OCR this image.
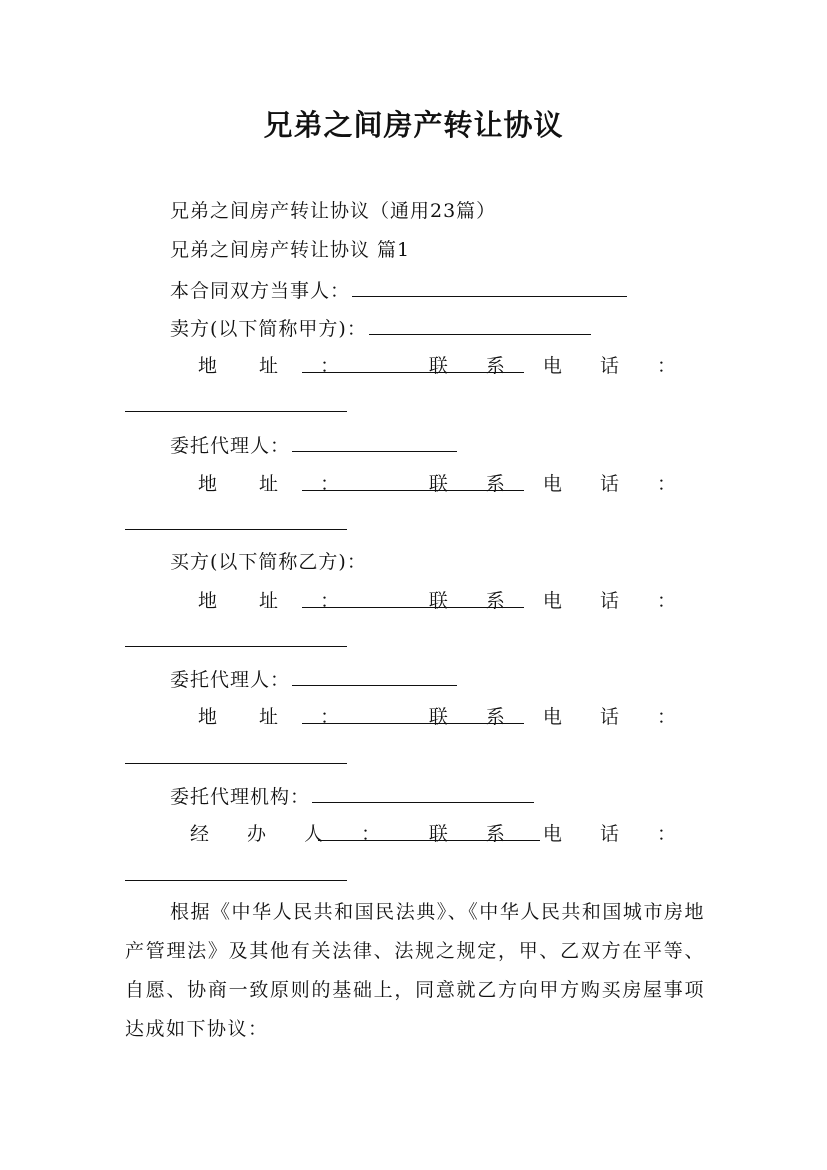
兄弟之间房产转让协议
兄弟之间房产转让协议（通用23篇）
兄弟之间房产转让协议 篇1
本合同双方当事人：
卖方(以下简称甲方)：
地 址 ：	联 系 电 话 ：
委托代理人：
地 址 ：	联 系 电 话 ：
买方(以下简称乙方)：
地 址 ：	联 系 电 话 ：
委托代理人：
地 址 ：	联 系 电 话 ：
委托代理机构：
经 办 人 ： 联 系 电 话 ：
根据《中华人民共和国民法典》、《中华人民共和国城市房地产管理法》及其他有关法律、法规之规定，甲、乙双方在平等、自愿、协商一致原则的基础上，同意就乙方向甲方购买房屋事项达成如下协议：
